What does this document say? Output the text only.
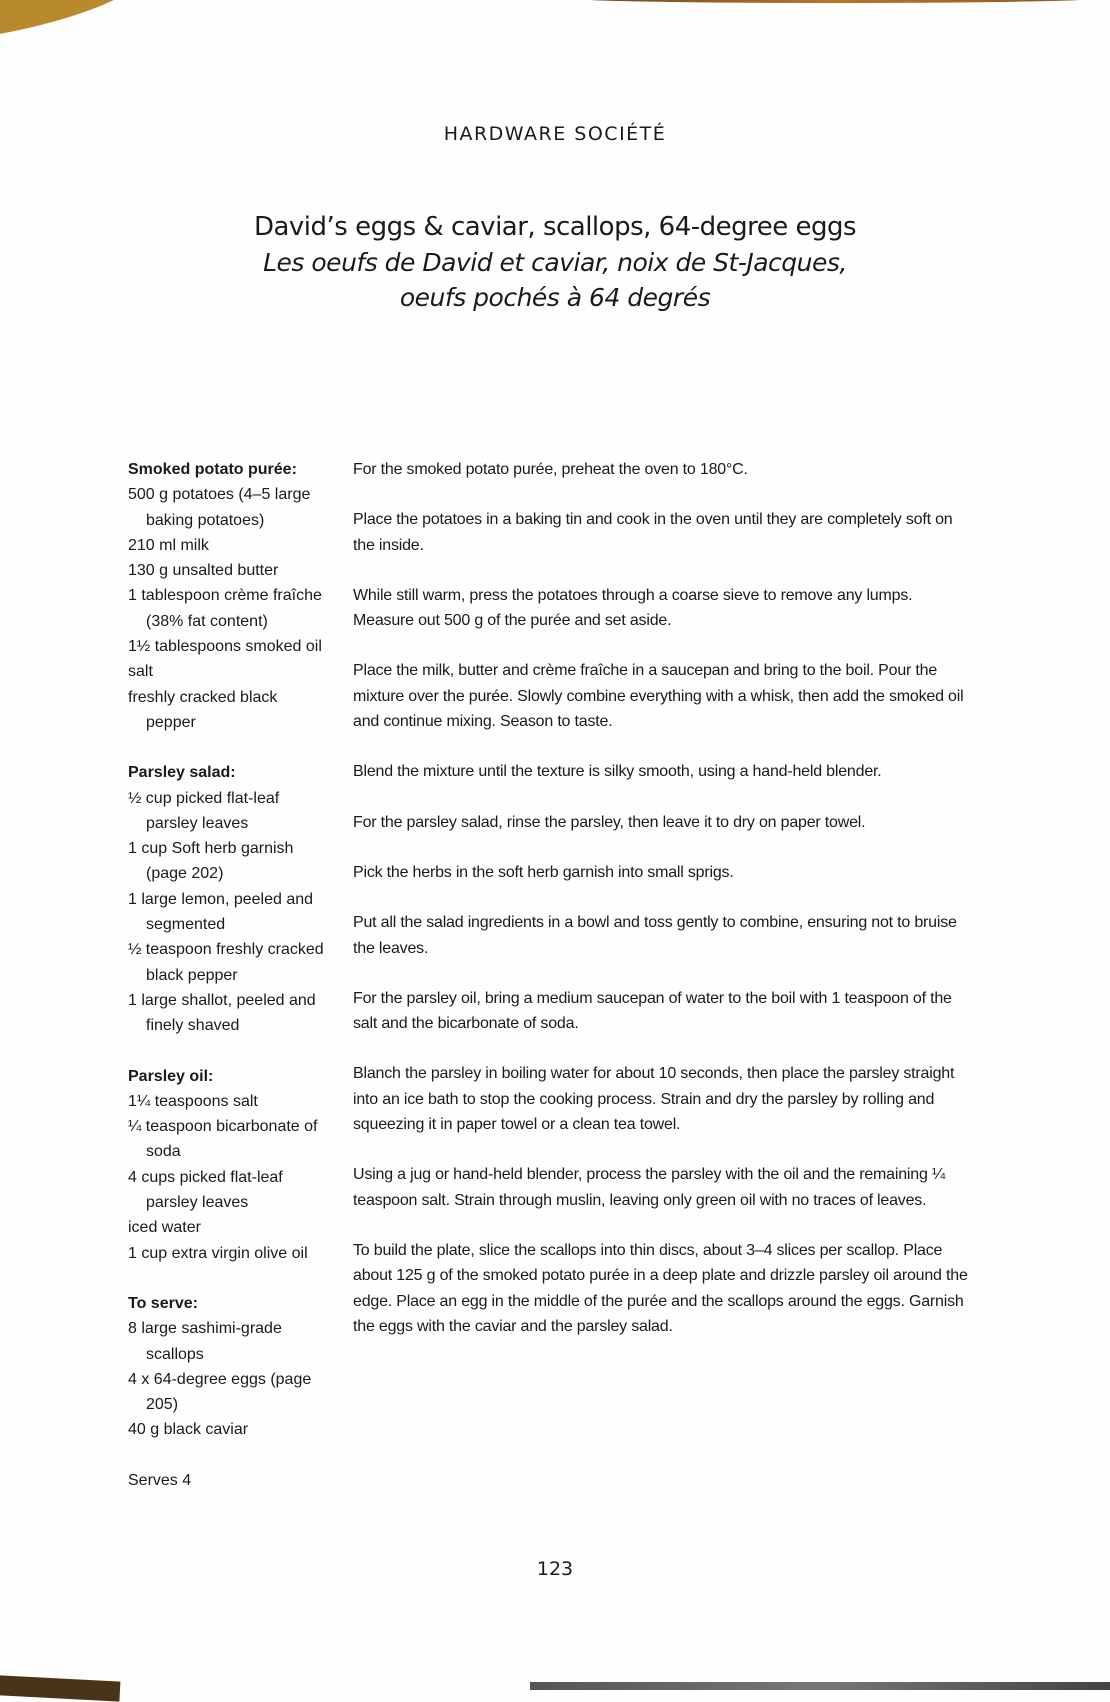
HARDWARE SOCIÉTÉ
David’s eggs & caviar, scallops, 64-degree eggs
Les oeufs de David et caviar, noix de St-Jacques,
oeufs pochés à 64 degrés
Smoked potato purée:
500 g potatoes (4–5 large baking potatoes)
210 ml milk
130 g unsalted butter
1 tablespoon crème fraîche (38% fat content)
1½ tablespoons smoked oil
salt
freshly cracked black pepper
Parsley salad:
½ cup picked flat-leaf parsley leaves
1 cup Soft herb garnish (page 202)
1 large lemon, peeled and segmented
½ teaspoon freshly cracked black pepper
1 large shallot, peeled and finely shaved
Parsley oil:
1¼ teaspoons salt
¼ teaspoon bicarbonate of soda
4 cups picked flat-leaf parsley leaves
iced water
1 cup extra virgin olive oil
To serve:
8 large sashimi-grade scallops
4 x 64-degree eggs (page 205)
40 g black caviar
Serves 4

For the smoked potato purée, preheat the oven to 180°C.

Place the potatoes in a baking tin and cook in the oven until they are completely soft on the inside.

While still warm, press the potatoes through a coarse sieve to remove any lumps. Measure out 500 g of the purée and set aside.

Place the milk, butter and crème fraîche in a saucepan and bring to the boil. Pour the mixture over the purée. Slowly combine everything with a whisk, then add the smoked oil and continue mixing. Season to taste.

Blend the mixture until the texture is silky smooth, using a hand-held blender.

For the parsley salad, rinse the parsley, then leave it to dry on paper towel.

Pick the herbs in the soft herb garnish into small sprigs.

Put all the salad ingredients in a bowl and toss gently to combine, ensuring not to bruise the leaves.

For the parsley oil, bring a medium saucepan of water to the boil with 1 teaspoon of the salt and the bicarbonate of soda.

Blanch the parsley in boiling water for about 10 seconds, then place the parsley straight into an ice bath to stop the cooking process. Strain and dry the parsley by rolling and squeezing it in paper towel or a clean tea towel.

Using a jug or hand-held blender, process the parsley with the oil and the remaining ¼ teaspoon salt. Strain through muslin, leaving only green oil with no traces of leaves.

To build the plate, slice the scallops into thin discs, about 3–4 slices per scallop. Place about 125 g of the smoked potato purée in a deep plate and drizzle parsley oil around the edge. Place an egg in the middle of the purée and the scallops around the eggs. Garnish the eggs with the caviar and the parsley salad.

123
